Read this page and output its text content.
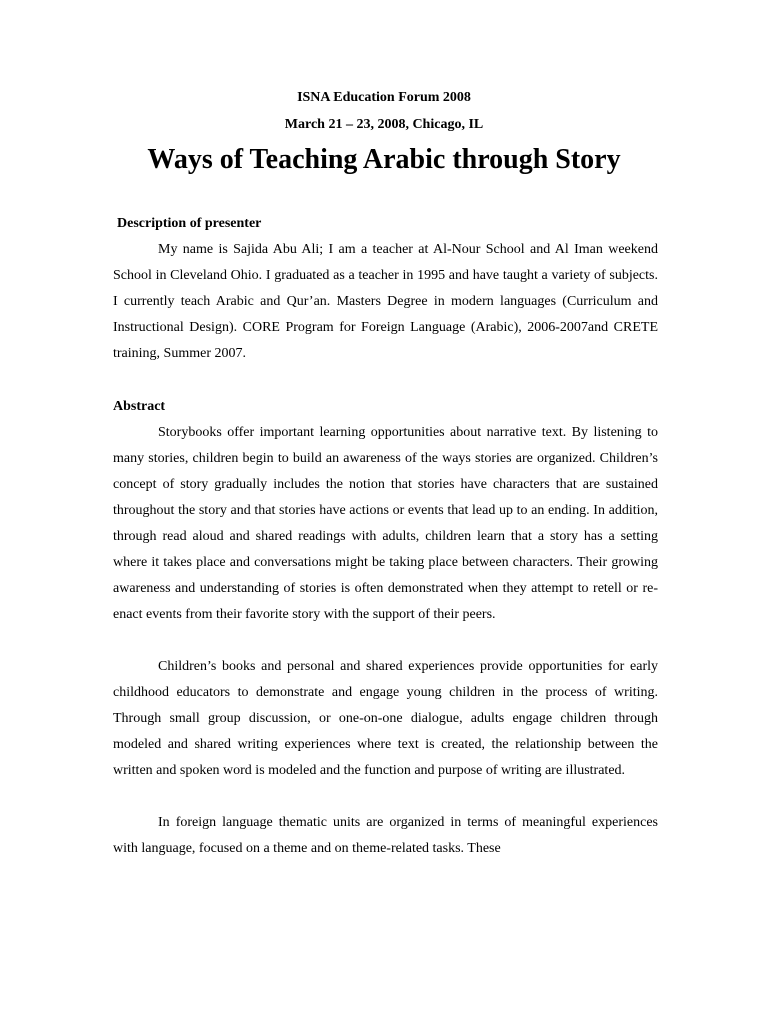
ISNA Education Forum 2008
March 21 – 23, 2008, Chicago, IL
Ways of Teaching Arabic through Story
Description of presenter

My name is Sajida Abu Ali; I am a teacher at Al-Nour School and Al Iman weekend School in Cleveland Ohio. I graduated as a teacher in 1995 and have taught a variety of subjects. I currently teach Arabic and Qur’an. Masters Degree in modern languages (Curriculum and Instructional Design). CORE Program for Foreign Language (Arabic), 2006-2007and CRETE training, Summer 2007.

Abstract

Storybooks offer important learning opportunities about narrative text. By listening to many stories, children begin to build an awareness of the ways stories are organized. Children’s concept of story gradually includes the notion that stories have characters that are sustained throughout the story and that stories have actions or events that lead up to an ending. In addition, through read aloud and shared readings with adults, children learn that a story has a setting where it takes place and conversations might be taking place between characters. Their growing awareness and understanding of stories is often demonstrated when they attempt to retell or re-enact events from their favorite story with the support of their peers.

Children’s books and personal and shared experiences provide opportunities for early childhood educators to demonstrate and engage young children in the process of writing. Through small group discussion, or one-on-one dialogue, adults engage children through modeled and shared writing experiences where text is created, the relationship between the written and spoken word is modeled and the function and purpose of writing are illustrated.

In foreign language thematic units are organized in terms of meaningful experiences with language, focused on a theme and on theme-related tasks. These
